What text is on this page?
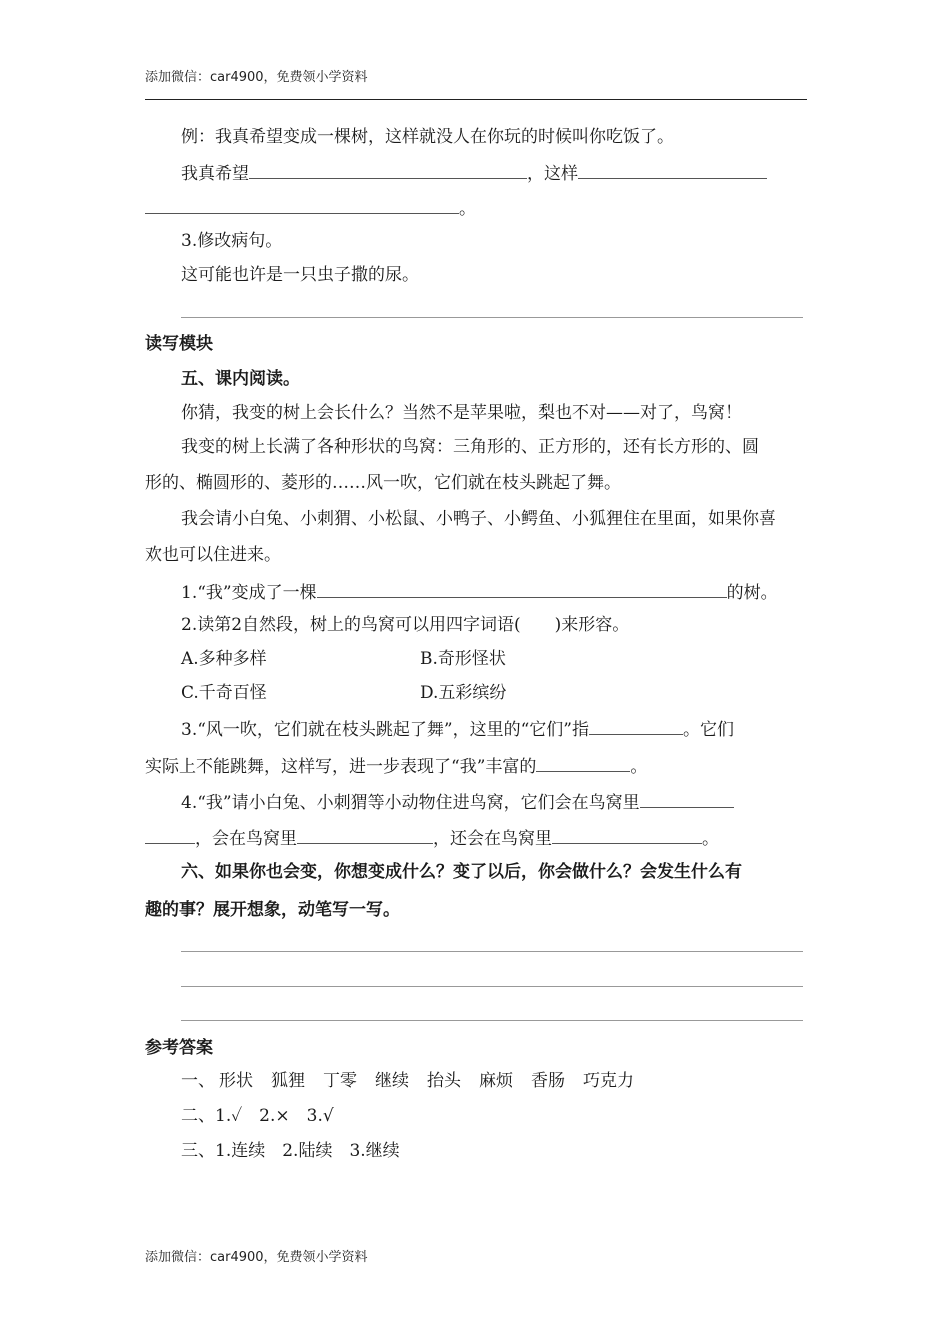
添加微信：car4900，免费领小学资料
例：我真希望变成一棵树，这样就没人在你玩的时候叫你吃饭了。
我真希望	，这样
。
3.修改病句。
这可能也许是一只虫子撒的尿。
读写模块
五、课内阅读。
你猜，我变的树上会长什么？当然不是苹果啦，梨也不对——对了，鸟窝！
我变的树上长满了各种形状的鸟窝：三角形的、正方形的，还有长方形的、圆
形的、椭圆形的、菱形的……风一吹，它们就在枝头跳起了舞。
我会请小白兔、小刺猬、小松鼠、小鸭子、小鳄鱼、小狐狸住在里面，如果你喜
欢也可以住进来。
1.“我”变成了一棵	的树。
2.读第2自然段，树上的鸟窝可以用四字词语(　　)来形容。
A.多种多样	B.奇形怪状
C.千奇百怪	D.五彩缤纷
3.“风一吹，它们就在枝头跳起了舞”，这里的“它们”指	。它们
实际上不能跳舞，这样写，进一步表现了“我”丰富的	。
4.“我”请小白兔、小刺猬等小动物住进鸟窝，它们会在鸟窝里
，会在鸟窝里	，还会在鸟窝里	。
六、如果你也会变，你想变成什么？变了以后，你会做什么？会发生什么有
趣的事？展开想象，动笔写一写。
参考答案
一、 形状 狐狸 丁零 继续 抬头 麻烦 香肠 巧克力
二、1.✓　2.×　3.√
三、1.连续　2.陆续　3.继续
添加微信：car4900，免费领小学资料
